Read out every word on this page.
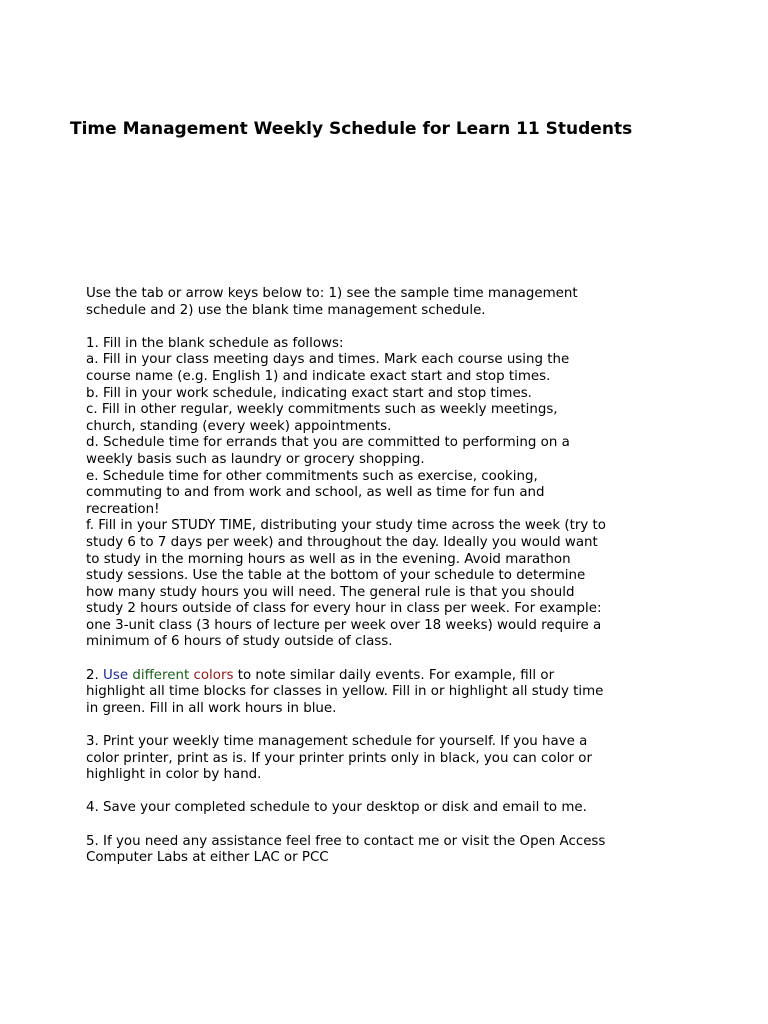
Time Management Weekly Schedule for Learn 11 Students
Use the tab or arrow keys below to: 1) see the sample time management
schedule and 2) use the blank time management schedule.
1. Fill in the blank schedule as follows:
a. Fill in your class meeting days and times. Mark each course using the
course name (e.g. English 1) and indicate exact start and stop times.
b. Fill in your work schedule, indicating exact start and stop times.
c. Fill in other regular, weekly commitments such as weekly meetings,
church, standing (every week) appointments.
d. Schedule time for errands that you are committed to performing on a
weekly basis such as laundry or grocery shopping.
e. Schedule time for other commitments such as exercise, cooking,
commuting to and from work and school, as well as time for fun and
recreation!
f. Fill in your STUDY TIME, distributing your study time across the week (try to
study 6 to 7 days per week) and throughout the day. Ideally you would want
to study in the morning hours as well as in the evening. Avoid marathon
study sessions. Use the table at the bottom of your schedule to determine
how many study hours you will need. The general rule is that you should
study 2 hours outside of class for every hour in class per week. For example:
one 3-unit class (3 hours of lecture per week over 18 weeks) would require a
minimum of 6 hours of study outside of class.
2. Use different colors to note similar daily events. For example, fill or
highlight all time blocks for classes in yellow. Fill in or highlight all study time
in green. Fill in all work hours in blue.
3. Print your weekly time management schedule for yourself. If you have a
color printer, print as is. If your printer prints only in black, you can color or
highlight in color by hand.
4. Save your completed schedule to your desktop or disk and email to me.
5. If you need any assistance feel free to contact me or visit the Open Access
Computer Labs at either LAC or PCC
